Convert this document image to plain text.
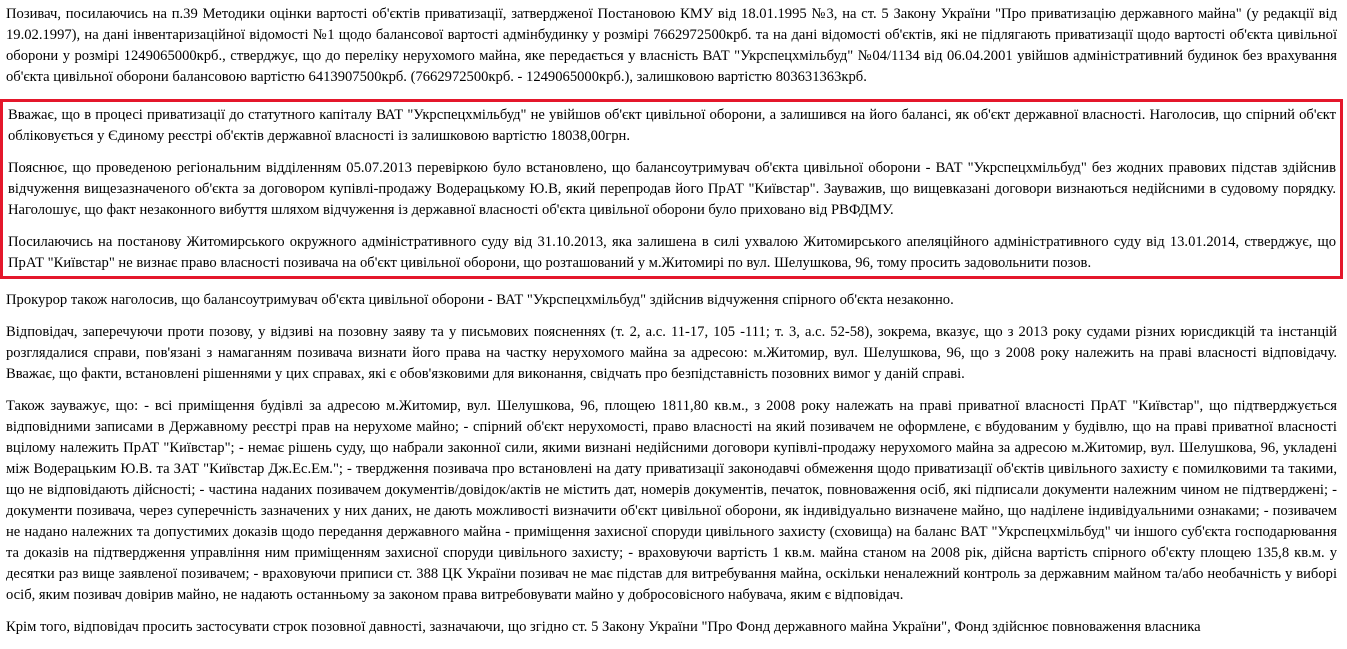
Позивач, посилаючись на п.39 Методики оцінки вартості об'єктів приватизації, затвердженої Постановою КМУ від 18.01.1995 №3, на ст. 5 Закону України "Про приватизацію державного майна" (у редакції від 19.02.1997), на дані інвентаризаційної відомості №1 щодо балансової вартості адмінбудинку у розмірі 7662972500крб. та на дані відомості об'єктів, які не підлягають приватизації щодо вартості об'єкта цивільної оборони у розмірі 1249065000крб., стверджує, що до переліку нерухомого майна, яке передається у власність ВАТ "Укрспецхмільбуд" №04/1134 від 06.04.2001 увійшов адміністративний будинок без врахування об'єкта цивільної оборони балансовою вартістю 6413907500крб. (7662972500крб. - 1249065000крб.), залишковою вартістю 803631363крб.

Вважає, що в процесі приватизації до статутного капіталу ВАТ "Укрспецхмільбуд" не увійшов об'єкт цивільної оборони, а залишився на його балансі, як об'єкт державної власності. Наголосив, що спірний об'єкт обліковується у Єдиному реєстрі об'єктів державної власності із залишковою вартістю 18038,00грн.

Пояснює, що проведеною регіональним відділенням 05.07.2013 перевіркою було встановлено, що балансоутримувач об'єкта цивільної оборони - ВАТ "Укрспецхмільбуд" без жодних правових підстав здійснив відчуження вищезазначеного об'єкта за договором купівлі-продажу Водерацькому Ю.В, який перепродав його ПрАТ "Київстар". Зауважив, що вищевказані договори визнаються недійсними в судовому порядку. Наголошує, що факт незаконного вибуття шляхом відчуження із державної власності об'єкта цивільної оборони було приховано від РВФДМУ.

Посилаючись на постанову Житомирського окружного адміністративного суду від 31.10.2013, яка залишена в силі ухвалою Житомирського апеляційного адміністративного суду від 13.01.2014, стверджує, що ПрАТ "Київстар" не визнає право власності позивача на об'єкт цивільної оборони, що розташований у м.Житомирі по вул. Шелушкова, 96, тому просить задовольнити позов.

Прокурор також наголосив, що балансоутримувач об'єкта цивільної оборони - ВАТ "Укрспецхмільбуд" здійснив відчуження спірного об'єкта незаконно.

Відповідач, заперечуючи проти позову, у відзиві на позовну заяву та у письмових поясненнях (т. 2, а.с. 11-17, 105 -111; т. 3, а.с. 52-58), зокрема, вказує, що з 2013 року судами різних юрисдикцій та інстанцій розглядалися справи, пов'язані з намаганням позивача визнати його права на частку нерухомого майна за адресою: м.Житомир, вул. Шелушкова, 96, що з 2008 року належить на праві власності відповідачу. Вважає, що факти, встановлені рішеннями у цих справах, які є обов'язковими для виконання, свідчать про безпідставність позовних вимог у даній справі.

Також зауважує, що: - всі приміщення будівлі за адресою м.Житомир, вул. Шелушкова, 96, площею 1811,80 кв.м., з 2008 року належать на праві приватної власності ПрАТ "Київстар", що підтверджується відповідними записами в Державному реєстрі прав на нерухоме майно; - спірний об'єкт нерухомості, право власності на який позивачем не оформлене, є вбудованим у будівлю, що на праві приватної власності вцілому належить ПрАТ "Київстар"; - немає рішень суду, що набрали законної сили, якими визнані недійсними договори купівлі-продажу нерухомого майна за адресою м.Житомир, вул. Шелушкова, 96, укладені між Водерацьким Ю.В. та ЗАТ "Київстар Дж.Ес.Ем."; - твердження позивача про встановлені на дату приватизації законодавчі обмеження щодо приватизації об'єктів цивільного захисту є помилковими та такими, що не відповідають дійсності; - частина наданих позивачем документів/довідок/актів не містить дат, номерів документів, печаток, повноваження осіб, які підписали документи належним чином не підтверджені; - документи позивача, через суперечність зазначених у них даних, не дають можливості визначити об'єкт цивільної оборони, як індивідуально визначене майно, що наділене індивідуальними ознаками; - позивачем не надано належних та допустимих доказів щодо передання державного майна - приміщення захисної споруди цивільного захисту (сховища) на баланс ВАТ "Укрспецхмільбуд" чи іншого суб'єкта господарювання та доказів на підтвердження управління ним приміщенням захисної споруди цивільного захисту; - враховуючи вартість 1 кв.м. майна станом на 2008 рік, дійсна вартість спірного об'єкту площею 135,8 кв.м. у десятки раз вище заявленої позивачем; - враховуючи приписи ст. 388 ЦК України позивач не має підстав для витребування майна, оскільки неналежний контроль за державним майном та/або необачність у виборі осіб, яким позивач довірив майно, не надають останньому за законом права витребовувати майно у добросовісного набувача, яким є відповідач.

Крім того, відповідач просить застосувати строк позовної давності, зазначаючи, що згідно ст. 5 Закону України "Про Фонд державного майна України", Фонд здійснює повноваження власника
